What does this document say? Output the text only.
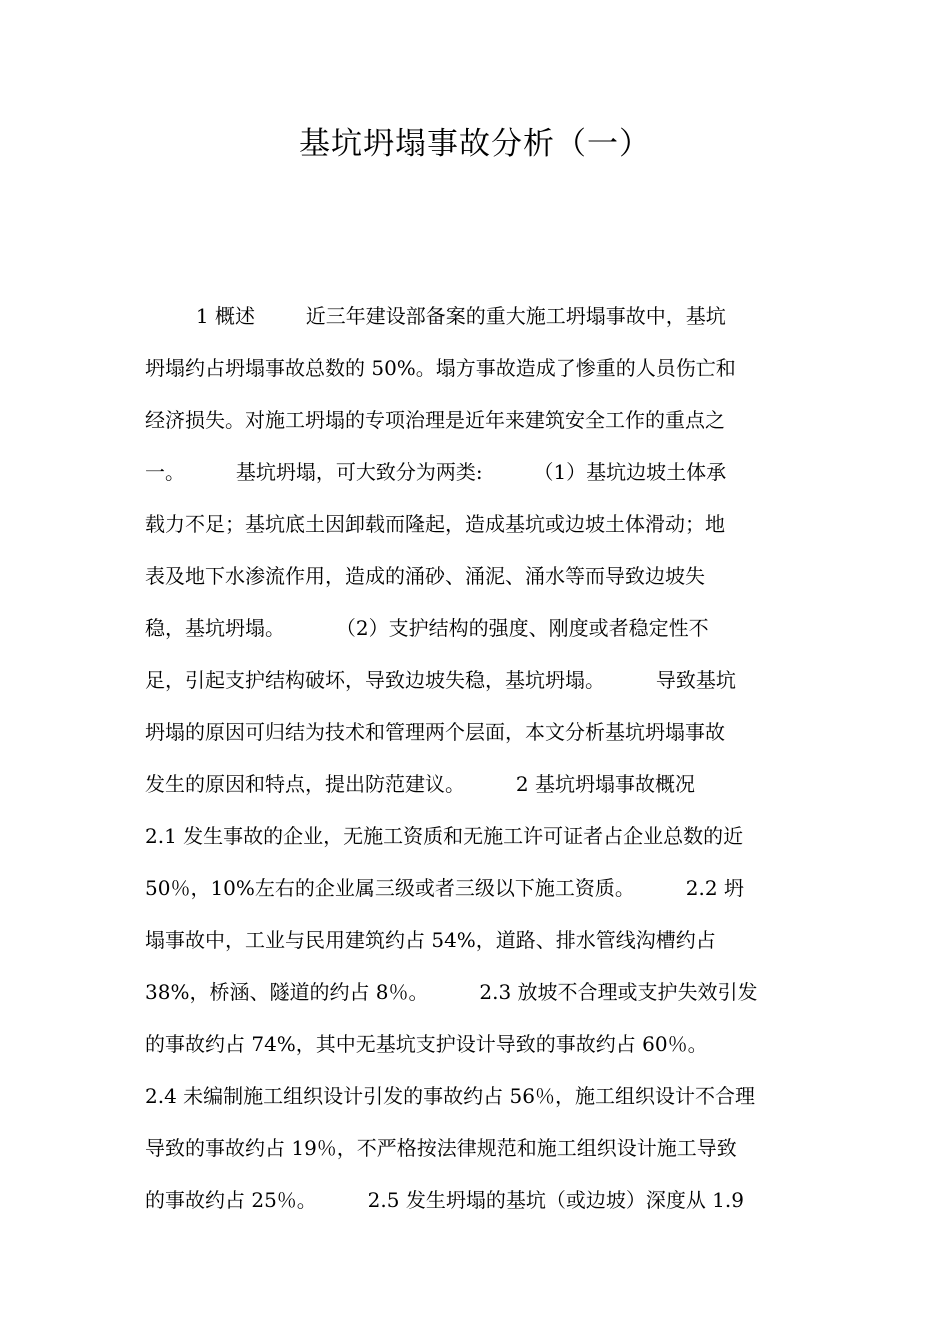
基坑坍塌事故分析（一）
1 概述        近三年建设部备案的重大施工坍塌事故中，基坑
坍塌约占坍塌事故总数的 50%。塌方事故造成了惨重的人员伤亡和
经济损失。对施工坍塌的专项治理是近年来建筑安全工作的重点之
一。        基坑坍塌，可大致分为两类:        （1）基坑边坡土体承
载力不足；基坑底土因卸载而隆起，造成基坑或边坡土体滑动；地
表及地下水渗流作用，造成的涌砂、涌泥、涌水等而导致边坡失
稳，基坑坍塌。        （2）支护结构的强度、刚度或者稳定性不
足，引起支护结构破坏，导致边坡失稳，基坑坍塌。        导致基坑
坍塌的原因可归结为技术和管理两个层面，本文分析基坑坍塌事故
发生的原因和特点，提出防范建议。        2 基坑坍塌事故概况
2.1 发生事故的企业，无施工资质和无施工许可证者占企业总数的近
50％，10%左右的企业属三级或者三级以下施工资质。        2.2 坍
塌事故中，工业与民用建筑约占 54%，道路、排水管线沟槽约占
38%，桥涵、隧道的约占 8％。        2.3 放坡不合理或支护失效引发
的事故约占 74%，其中无基坑支护设计导致的事故约占 60％。
2.4 未编制施工组织设计引发的事故约占 56％，施工组织设计不合理
导致的事故约占 19％，不严格按法律规范和施工组织设计施工导致
的事故约占 25％。        2.5 发生坍塌的基坑（或边坡）深度从 1.9
